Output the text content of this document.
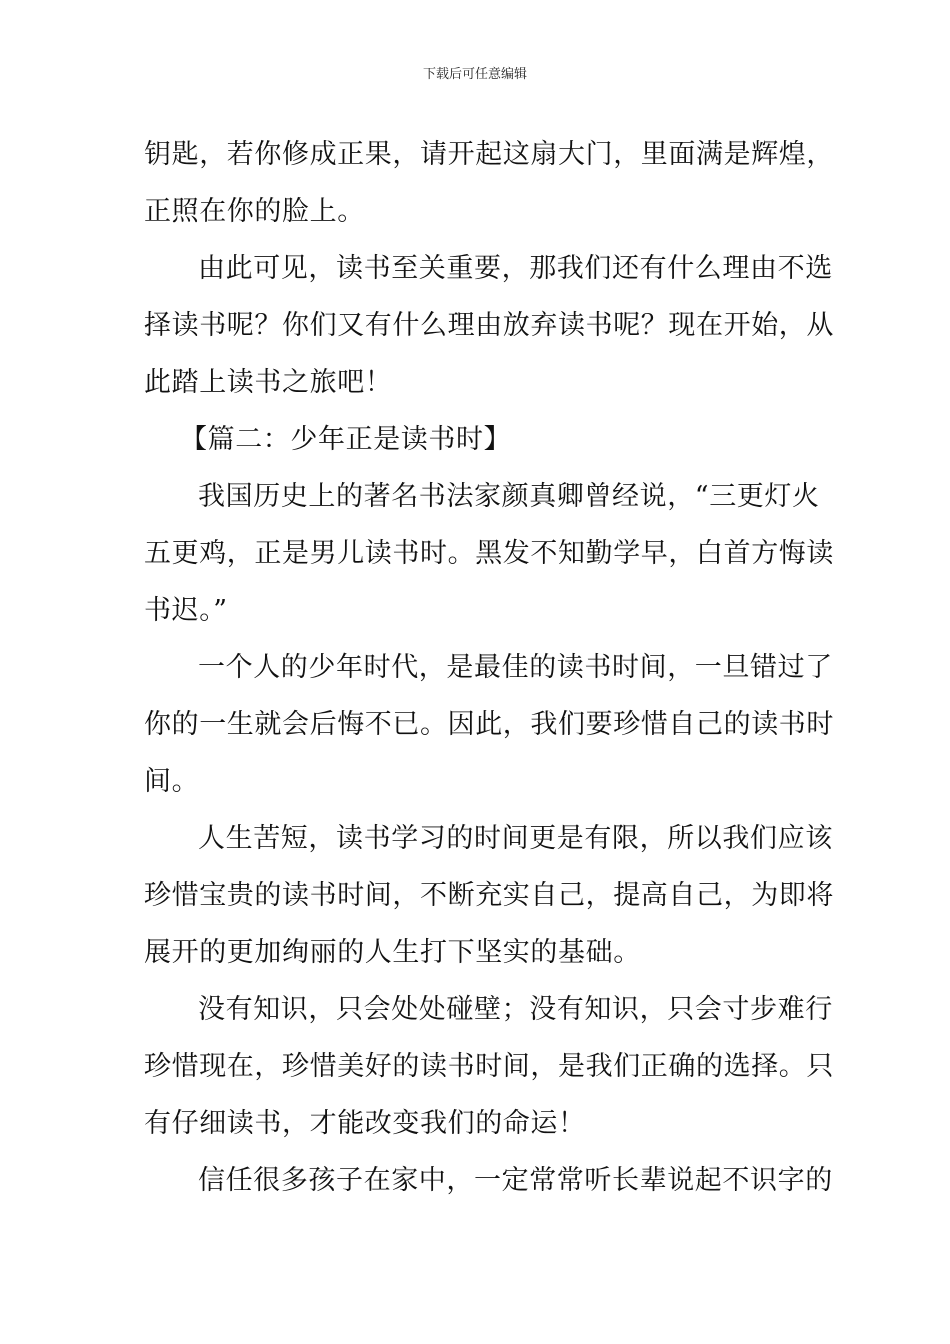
下载后可任意编辑
钥匙，若你修成正果，请开起这扇大门，里面满是辉煌，
正照在你的脸上。
由此可见，读书至关重要，那我们还有什么理由不选
择读书呢？你们又有什么理由放弃读书呢？现在开始，从
此踏上读书之旅吧！
【篇二：少年正是读书时】
我国历史上的著名书法家颜真卿曾经说，“三更灯火
五更鸡，正是男儿读书时。黑发不知勤学早，白首方悔读
书迟。”
一个人的少年时代，是最佳的读书时间，一旦错过了
你的一生就会后悔不已。因此，我们要珍惜自己的读书时
间。
人生苦短，读书学习的时间更是有限，所以我们应该
珍惜宝贵的读书时间，不断充实自己，提高自己，为即将
展开的更加绚丽的人生打下坚实的基础。
没有知识，只会处处碰壁；没有知识，只会寸步难行
珍惜现在，珍惜美好的读书时间，是我们正确的选择。只
有仔细读书，才能改变我们的命运！
信任很多孩子在家中，一定常常听长辈说起不识字的
